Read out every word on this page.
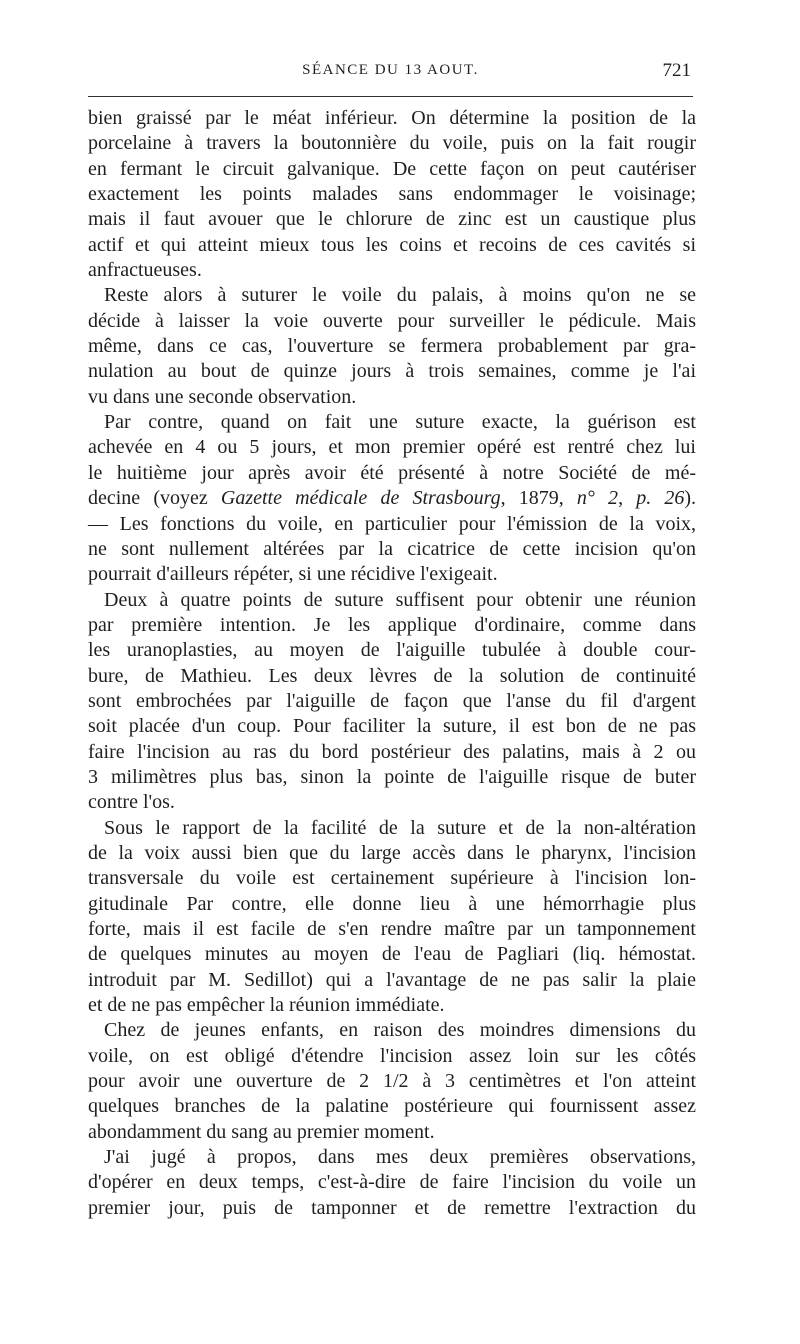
SÉANCE DU 13 AOUT.	721
bien graissé par le méat inférieur. On détermine la position de la
porcelaine à travers la boutonnière du voile, puis on la fait rougir
en fermant le circuit galvanique. De cette façon on peut cautériser
exactement les points malades sans endommager le voisinage;
mais il faut avouer que le chlorure de zinc est un caustique plus
actif et qui atteint mieux tous les coins et recoins de ces cavités si
anfractueuses.
Reste alors à suturer le voile du palais, à moins qu'on ne se
décide à laisser la voie ouverte pour surveiller le pédicule. Mais
même, dans ce cas, l'ouverture se fermera probablement par gra-
nulation au bout de quinze jours à trois semaines, comme je l'ai
vu dans une seconde observation.
Par contre, quand on fait une suture exacte, la guérison est
achevée en 4 ou 5 jours, et mon premier opéré est rentré chez lui
le huitième jour après avoir été présenté à notre Société de mé-
decine (voyez Gazette médicale de Strasbourg, 1879, n° 2, p. 26).
— Les fonctions du voile, en particulier pour l'émission de la voix,
ne sont nullement altérées par la cicatrice de cette incision qu'on
pourrait d'ailleurs répéter, si une récidive l'exigeait.
Deux à quatre points de suture suffisent pour obtenir une réunion
par première intention. Je les applique d'ordinaire, comme dans
les uranoplasties, au moyen de l'aiguille tubulée à double cour-
bure, de Mathieu. Les deux lèvres de la solution de continuité
sont embrochées par l'aiguille de façon que l'anse du fil d'argent
soit placée d'un coup. Pour faciliter la suture, il est bon de ne pas
faire l'incision au ras du bord postérieur des palatins, mais à 2 ou
3 milimètres plus bas, sinon la pointe de l'aiguille risque de buter
contre l'os.
Sous le rapport de la facilité de la suture et de la non-altération
de la voix aussi bien que du large accès dans le pharynx, l'incision
transversale du voile est certainement supérieure à l'incision lon-
gitudinale Par contre, elle donne lieu à une hémorrhagie plus
forte, mais il est facile de s'en rendre maître par un tamponnement
de quelques minutes au moyen de l'eau de Pagliari (liq. hémostat.
introduit par M. Sedillot) qui a l'avantage de ne pas salir la plaie
et de ne pas empêcher la réunion immédiate.
Chez de jeunes enfants, en raison des moindres dimensions du
voile, on est obligé d'étendre l'incision assez loin sur les côtés
pour avoir une ouverture de 2 1/2 à 3 centimètres et l'on atteint
quelques branches de la palatine postérieure qui fournissent assez
abondamment du sang au premier moment.
J'ai jugé à propos, dans mes deux premières observations,
d'opérer en deux temps, c'est-à-dire de faire l'incision du voile un
premier jour, puis de tamponner et de remettre l'extraction du
